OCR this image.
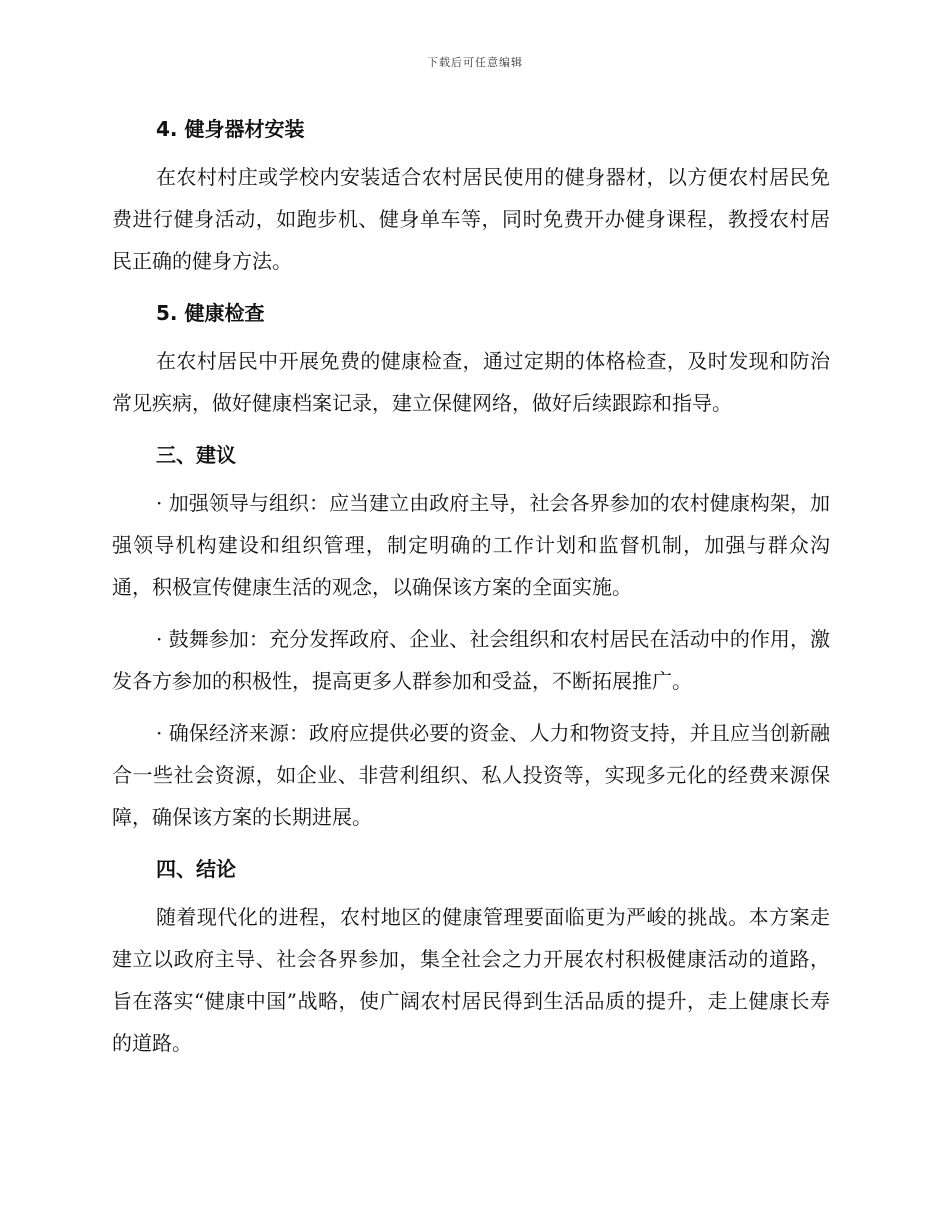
下载后可任意编辑
4. 健身器材安装

在农村村庄或学校内安装适合农村居民使用的健身器材，以方便农村居民免费进行健身活动，如跑步机、健身单车等，同时免费开办健身课程，教授农村居民正确的健身方法。

5. 健康检查

在农村居民中开展免费的健康检查，通过定期的体格检查，及时发现和防治常见疾病，做好健康档案记录，建立保健网络，做好后续跟踪和指导。

三、建议

· 加强领导与组织：应当建立由政府主导，社会各界参加的农村健康构架，加强领导机构建设和组织管理，制定明确的工作计划和监督机制，加强与群众沟通，积极宣传健康生活的观念，以确保该方案的全面实施。

· 鼓舞参加：充分发挥政府、企业、社会组织和农村居民在活动中的作用，激发各方参加的积极性，提高更多人群参加和受益，不断拓展推广。

· 确保经济来源：政府应提供必要的资金、人力和物资支持，并且应当创新融合一些社会资源，如企业、非营利组织、私人投资等，实现多元化的经费来源保障，确保该方案的长期进展。

四、结论

随着现代化的进程，农村地区的健康管理要面临更为严峻的挑战。本方案走建立以政府主导、社会各界参加，集全社会之力开展农村积极健康活动的道路，旨在落实“健康中国”战略，使广阔农村居民得到生活品质的提升，走上健康长寿的道路。
